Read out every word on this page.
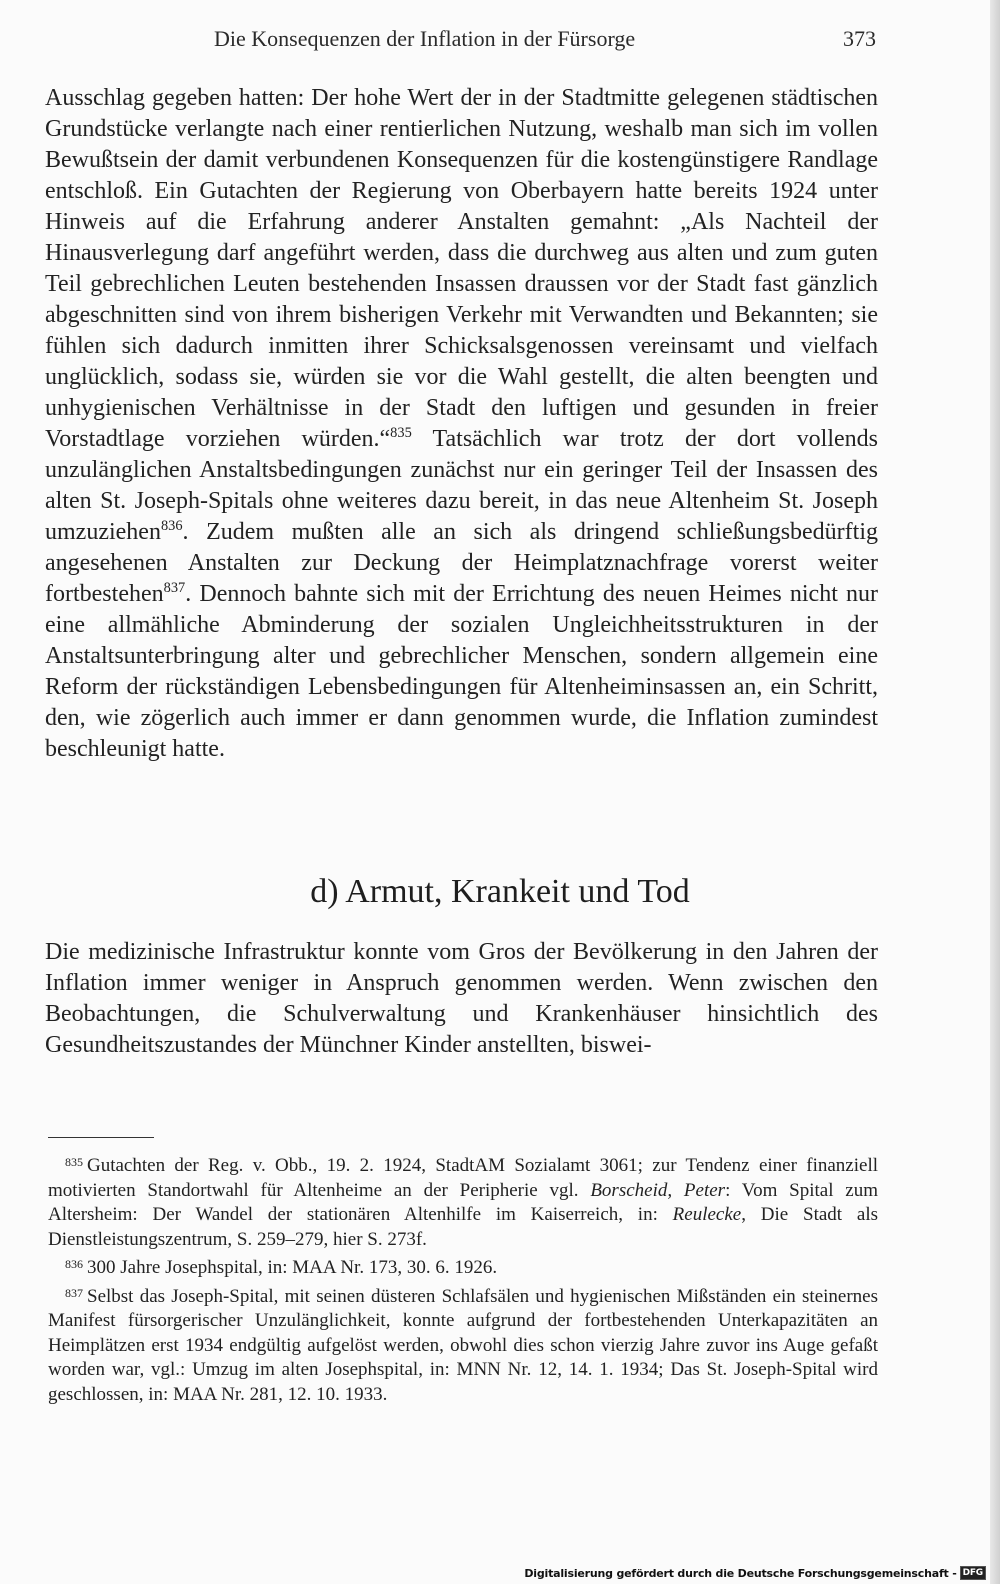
Die Konsequenzen der Inflation in der Fürsorge	373

Ausschlag gegeben hatten: Der hohe Wert der in der Stadtmitte gelegenen städtischen Grundstücke verlangte nach einer rentierlichen Nutzung, weshalb man sich im vollen Bewußtsein der damit verbundenen Konsequenzen für die kostengünstigere Randlage entschloß. Ein Gutachten der Regierung von Oberbayern hatte bereits 1924 unter Hinweis auf die Erfahrung anderer Anstalten gemahnt: „Als Nachteil der Hinausverlegung darf angeführt werden, dass die durchweg aus alten und zum guten Teil gebrechlichen Leuten bestehenden Insassen draussen vor der Stadt fast gänzlich abgeschnitten sind von ihrem bisherigen Verkehr mit Verwandten und Bekannten; sie fühlen sich dadurch inmitten ihrer Schicksalsgenossen vereinsamt und vielfach unglücklich, sodass sie, würden sie vor die Wahl gestellt, die alten beengten und unhygienischen Verhältnisse in der Stadt den luftigen und gesunden in freier Vorstadtlage vorziehen würden.“$^{835}$ Tatsächlich war trotz der dort vollends unzulänglichen Anstaltsbedingungen zunächst nur ein geringer Teil der Insassen des alten St. Joseph-Spitals ohne weiteres dazu bereit, in das neue Altenheim St. Joseph umzuziehen$^{836}$. Zudem mußten alle an sich als dringend schließungsbedürftig angesehenen Anstalten zur Deckung der Heimplatznachfrage vorerst weiter fortbestehen$^{837}$. Dennoch bahnte sich mit der Errichtung des neuen Heimes nicht nur eine allmähliche Abminderung der sozialen Ungleichheitsstrukturen in der Anstaltsunterbringung alter und gebrechlicher Menschen, sondern allgemein eine Reform der rückständigen Lebensbedingungen für Altenheiminsassen an, ein Schritt, den, wie zögerlich auch immer er dann genommen wurde, die Inflation zumindest beschleunigt hatte.

d) Armut, Krankeit und Tod

Die medizinische Infrastruktur konnte vom Gros der Bevölkerung in den Jahren der Inflation immer weniger in Anspruch genommen werden. Wenn zwischen den Beobachtungen, die Schulverwaltung und Krankenhäuser hinsichtlich des Gesundheitszustandes der Münchner Kinder anstellten, biswei-

$^{835}$ Gutachten der Reg. v. Obb., 19. 2. 1924, StadtAM Sozialamt 3061; zur Tendenz einer finanziell motivierten Standortwahl für Altenheime an der Peripherie vgl. Borscheid, Peter: Vom Spital zum Altersheim: Der Wandel der stationären Altenhilfe im Kaiserreich, in: Reulecke, Die Stadt als Dienstleistungszentrum, S. 259–279, hier S. 273f.

$^{836}$ 300 Jahre Josephspital, in: MAA Nr. 173, 30. 6. 1926.

$^{837}$ Selbst das Joseph-Spital, mit seinen düsteren Schlafsälen und hygienischen Mißständen ein steinernes Manifest fürsorgerischer Unzulänglichkeit, konnte aufgrund der fortbestehenden Unterkapazitäten an Heimplätzen erst 1934 endgültig aufgelöst werden, obwohl dies schon vierzig Jahre zuvor ins Auge gefaßt worden war, vgl.: Umzug im alten Josephspital, in: MNN Nr. 12, 14. 1. 1934; Das St. Joseph-Spital wird geschlossen, in: MAA Nr. 281, 12. 10. 1933.

Digitalisierung gefördert durch die Deutsche Forschungsgemeinschaft - DFG
